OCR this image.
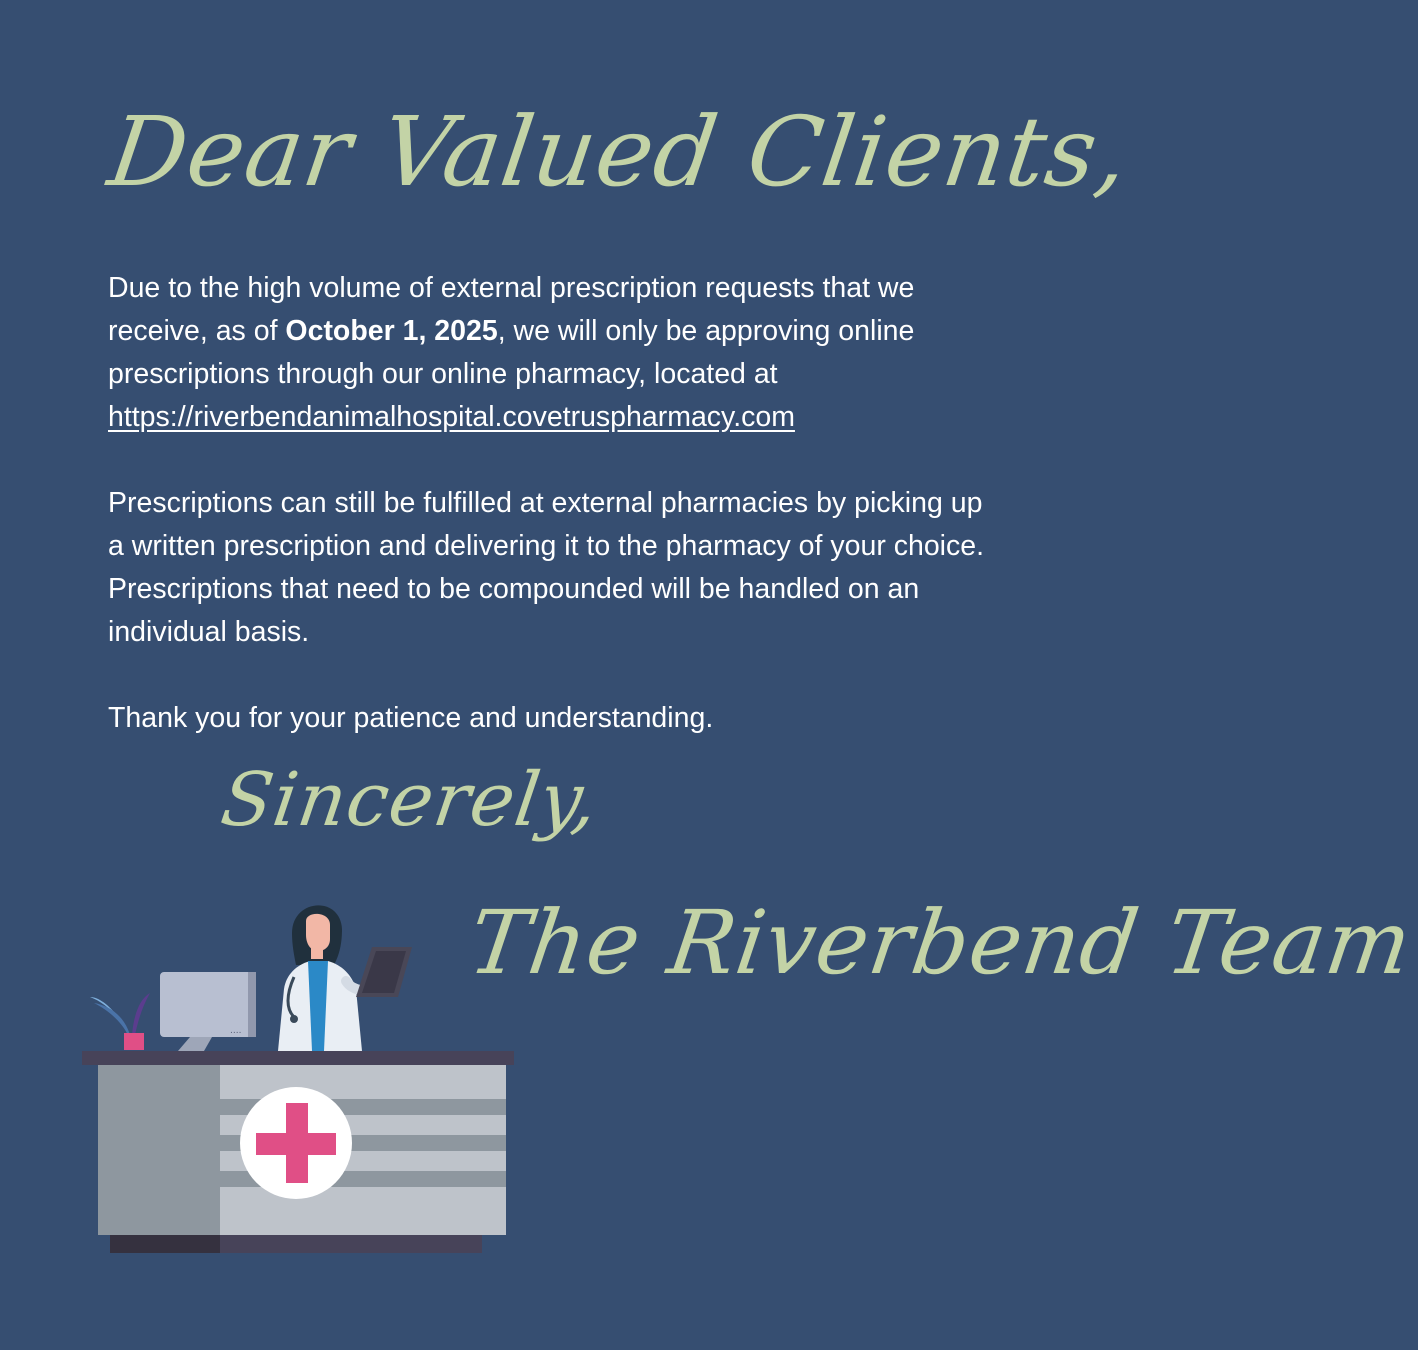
Dear Valued Clients,

Due to the high volume of external prescription requests that we receive, as of October 1, 2025, we will only be approving online prescriptions through our online pharmacy, located at https://riverbendanimalhospital.covetruspharmacy.com

Prescriptions can still be fulfilled at external pharmacies by picking up a written prescription and delivering it to the pharmacy of your choice. Prescriptions that need to be compounded will be handled on an individual basis.

Thank you for your patience and understanding.

Sincerely,
The Riverbend Team
....
